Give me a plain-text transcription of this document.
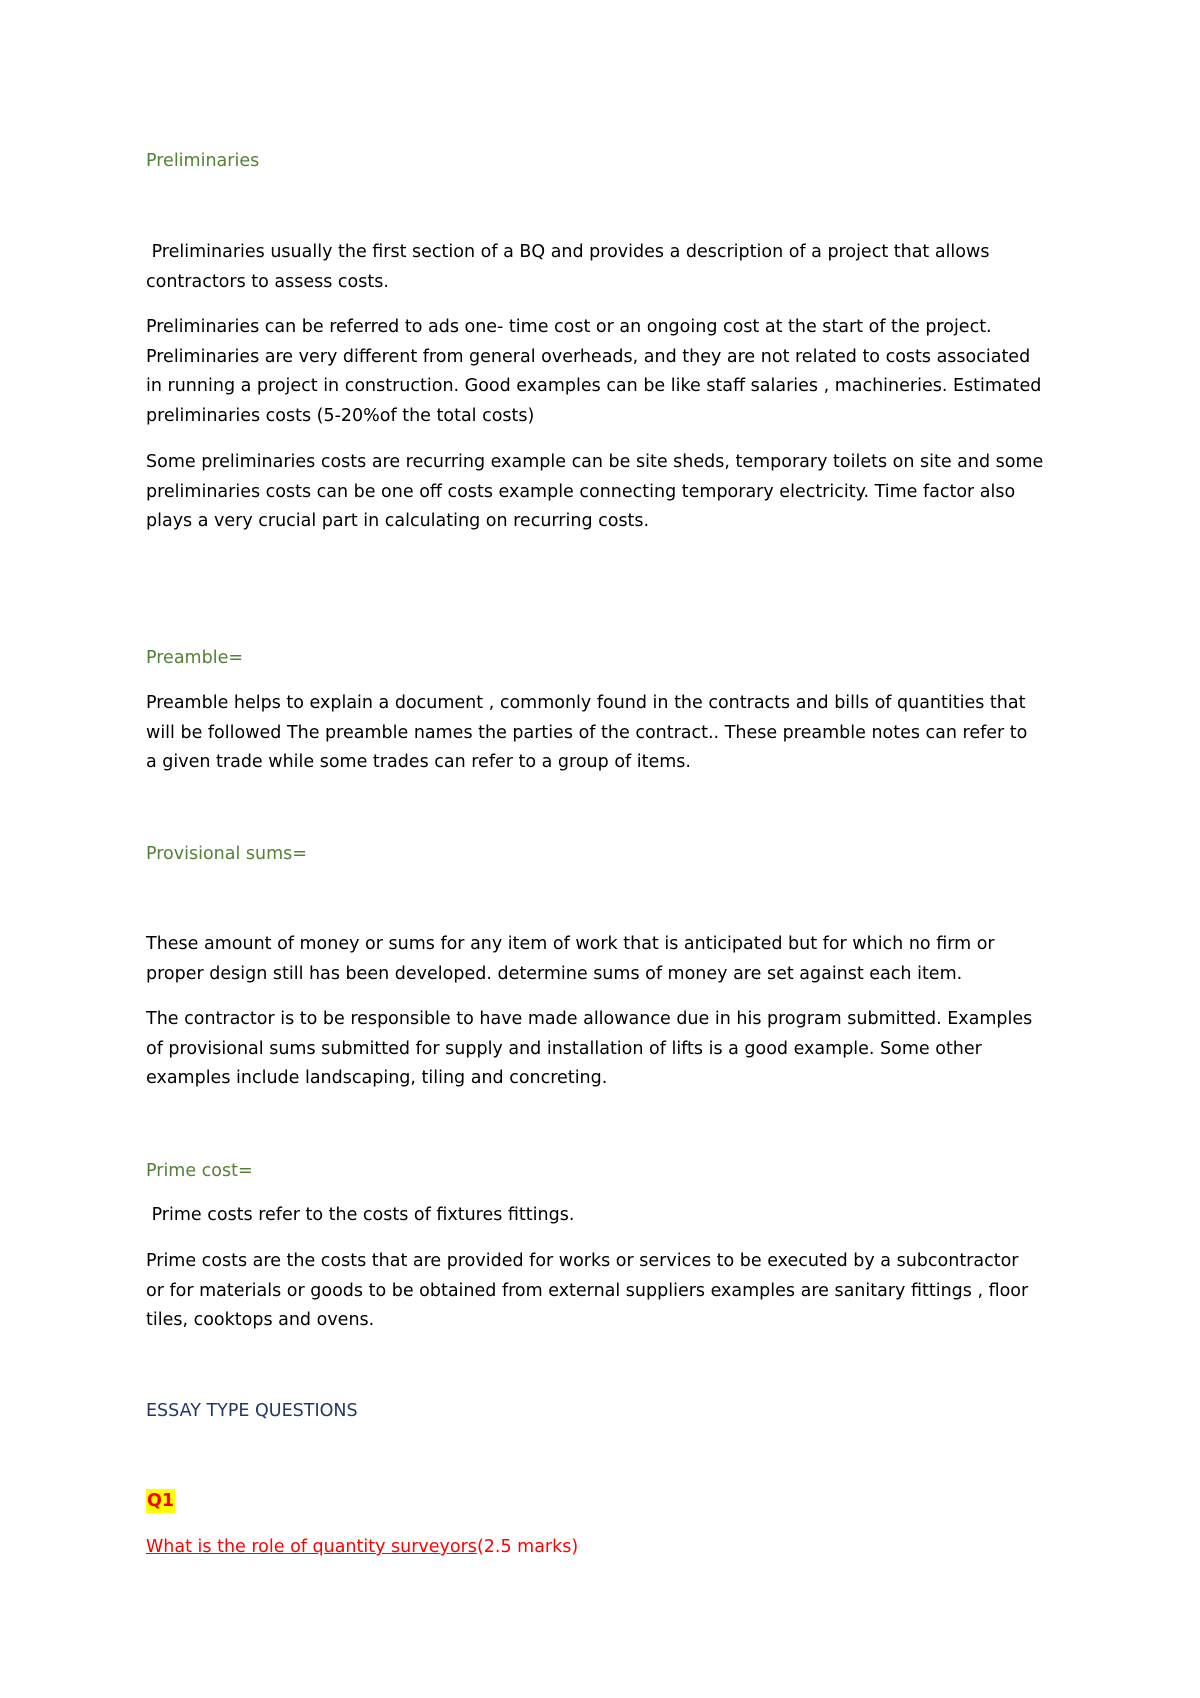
Preliminaries

Preliminaries usually the first section of a BQ and provides a description of a project that allows
contractors to assess costs.

Preliminaries can be referred to ads one- time cost or an ongoing cost at the start of the project.
Preliminaries are very different from general overheads, and they are not related to costs associated
in running a project in construction. Good examples can be like staff salaries , machineries. Estimated
preliminaries costs (5-20%of the total costs)

Some preliminaries costs are recurring example can be site sheds, temporary toilets on site and some
preliminaries costs can be one off costs example connecting temporary electricity. Time factor also
plays a very crucial part in calculating on recurring costs.

Preamble=

Preamble helps to explain a document , commonly found in the contracts and bills of quantities that
will be followed The preamble names the parties of the contract.. These preamble notes can refer to
a given trade while some trades can refer to a group of items.

Provisional sums=

These amount of money or sums for any item of work that is anticipated but for which no firm or
proper design still has been developed. determine sums of money are set against each item.

The contractor is to be responsible to have made allowance due in his program submitted. Examples
of provisional sums submitted for supply and installation of lifts is a good example. Some other
examples include landscaping, tiling and concreting.

Prime cost=

Prime costs refer to the costs of fixtures fittings.

Prime costs are the costs that are provided for works or services to be executed by a subcontractor
or for materials or goods to be obtained from external suppliers examples are sanitary fittings , floor
tiles, cooktops and ovens.

ESSAY TYPE QUESTIONS
Q1
What is the role of quantity surveyors(2.5 marks)
